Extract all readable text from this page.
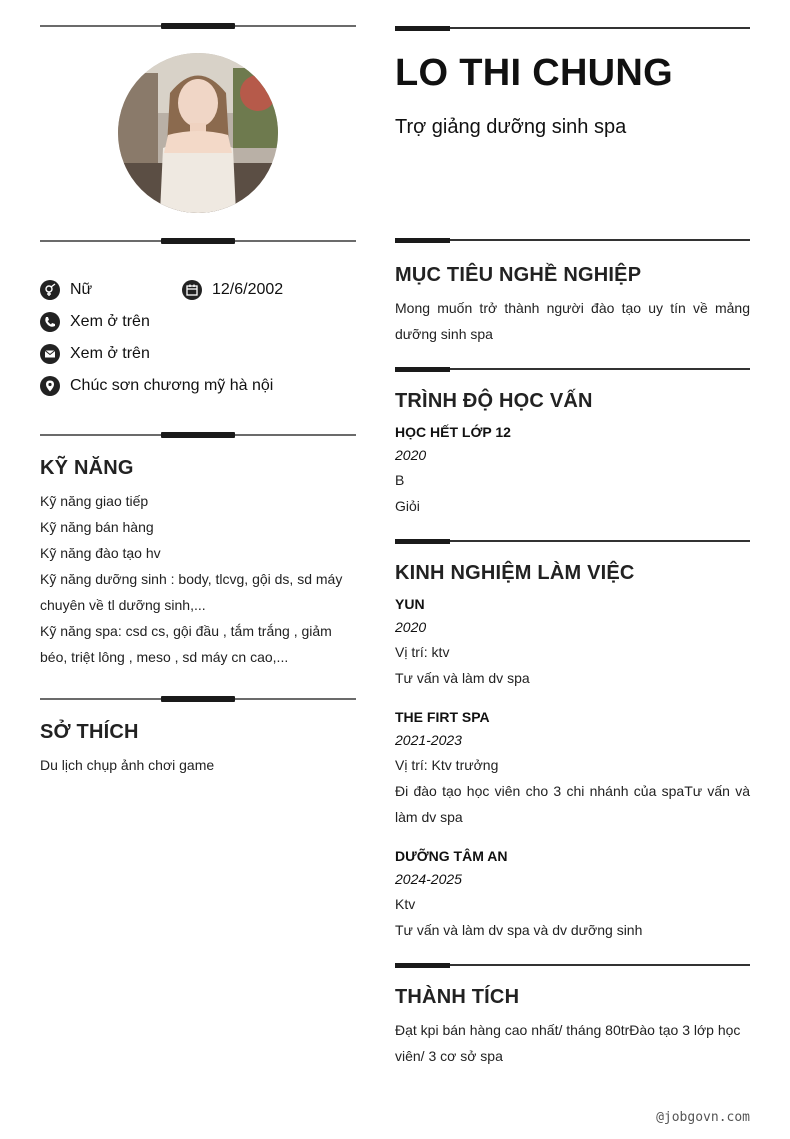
Nữ	12/6/2002
Xem ở trên
Xem ở trên
Chúc sơn chương mỹ hà nội
KỸ NĂNG
Kỹ năng giao tiếp
Kỹ năng bán hàng
Kỹ năng đào tạo hv
Kỹ năng dưỡng sinh : body, tlcvg, gội ds, sd máy chuyên về tl dưỡng sinh,...
Kỹ năng spa: csd cs, gội đầu , tắm trắng , giảm béo, triệt lông , meso , sd máy cn cao,...
SỞ THÍCH
Du lịch chụp ảnh chơi game
LO THI CHUNG
Trợ giảng dưỡng sinh spa
MỤC TIÊU NGHỀ NGHIỆP
Mong muốn trở thành người đào tạo uy tín về mảng dưỡng sinh spa
TRÌNH ĐỘ HỌC VẤN
HỌC HẾT LỚP 12
2020
B
Giỏi
KINH NGHIỆM LÀM VIỆC
YUN
2020
Vị trí: ktv
Tư vấn và làm dv spa
THE FIRT SPA
2021-2023
Vị trí: Ktv trưởng
Đi đào tạo học viên cho 3 chi nhánh của spaTư vấn và làm dv spa
DƯỠNG TÂM AN
2024-2025
Ktv
Tư vấn và làm dv spa và dv dưỡng sinh
THÀNH TÍCH
Đạt kpi bán hàng cao nhất/ tháng 80trĐào tạo 3 lớp học viên/ 3 cơ sở spa
@jobgovn.com
